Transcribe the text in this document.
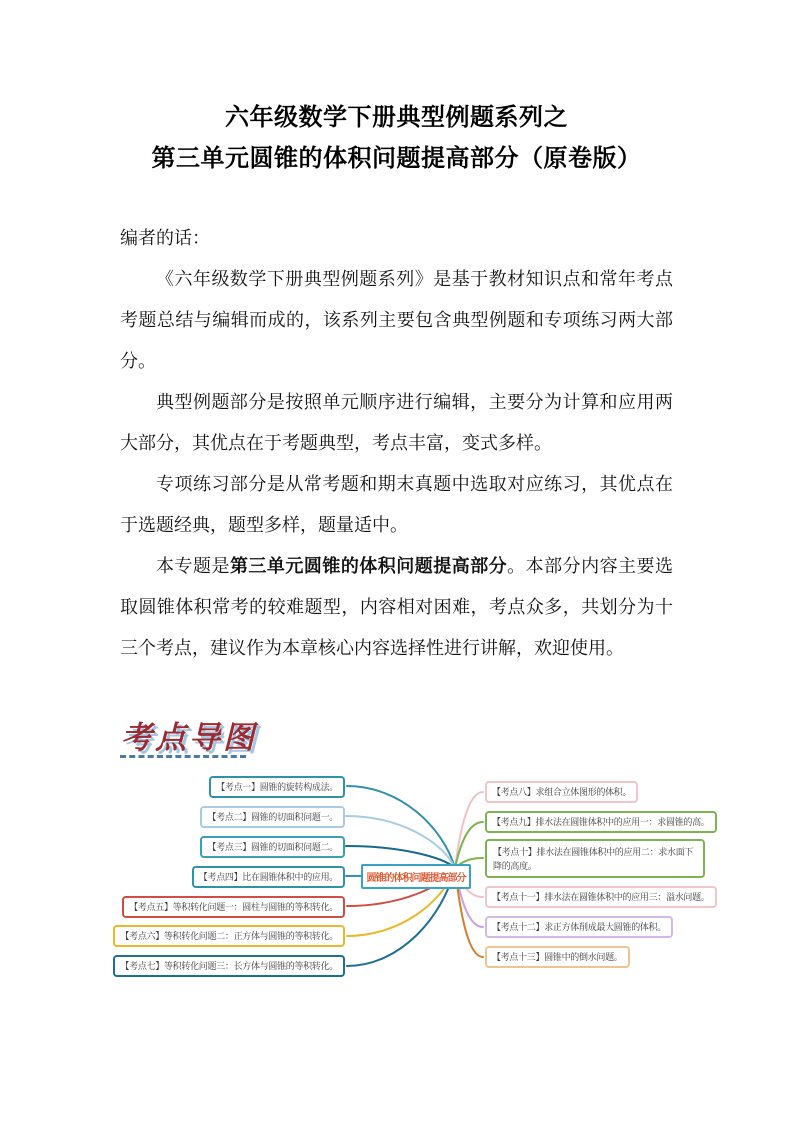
六年级数学下册典型例题系列之
第三单元圆锥的体积问题提高部分（原卷版）

编者的话：

《六年级数学下册典型例题系列》是基于教材知识点和常年考点考题总结与编辑而成的，该系列主要包含典型例题和专项练习两大部分。

典型例题部分是按照单元顺序进行编辑，主要分为计算和应用两大部分，其优点在于考题典型，考点丰富，变式多样。

专项练习部分是从常考题和期末真题中选取对应练习，其优点在于选题经典，题型多样，题量适中。

本专题是第三单元圆锥的体积问题提高部分。本部分内容主要选取圆锥体积常考的较难题型，内容相对困难，考点众多，共划分为十三个考点，建议作为本章核心内容选择性进行讲解，欢迎使用。

考点导图
【考点一】圆锥的旋转构成法。
【考点二】圆锥的切面积问题一。
【考点三】圆锥的切面积问题二。
【考点四】比在圆锥体积中的应用。
【考点五】等积转化问题一：圆柱与圆锥的等积转化。
【考点六】等积转化问题二：正方体与圆锥的等积转化。
【考点七】等积转化问题三：长方体与圆锥的等积转化。
【考点八】求组合立体图形的体积。
【考点九】排水法在圆锥体积中的应用一：求圆锥的高。
【考点十】排水法在圆锥体积中的应用二：求水面下降的高度。
【考点十一】排水法在圆锥体积中的应用三：溢水问题。
【考点十二】求正方体削成最大圆锥的体积。
【考点十三】圆锥中的倒水问题。
圆锥的体积问题提高部分
